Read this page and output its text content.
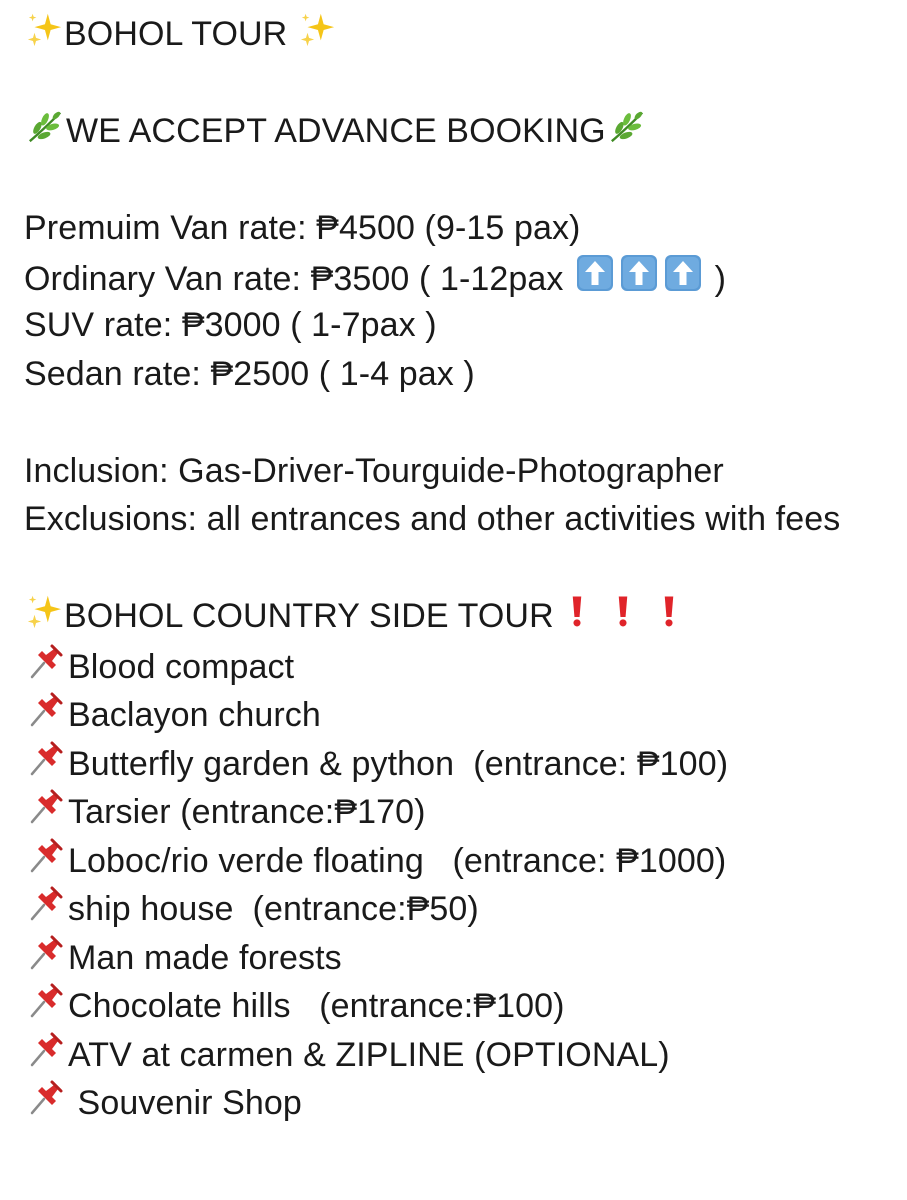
BOHOL TOUR
WE ACCEPT ADVANCE BOOKING
Premuim Van rate: ₱4500 (9-15 pax)
Ordinary Van rate: ₱3500 ( 1-12pax	)
SUV rate: ₱3000 ( 1-7pax )
Sedan rate: ₱2500 ( 1-4 pax )
Inclusion: Gas-Driver-Tourguide-Photographer
Exclusions: all entrances and other activities with fees
BOHOL COUNTRY SIDE TOUR
Blood compact
Baclayon church
Butterfly garden & python  (entrance: ₱100)
Tarsier (entrance:₱170)
Loboc/rio verde floating   (entrance: ₱1000)
ship house  (entrance:₱50)
Man made forests
Chocolate hills   (entrance:₱100)
ATV at carmen & ZIPLINE (OPTIONAL)
Souvenir Shop
